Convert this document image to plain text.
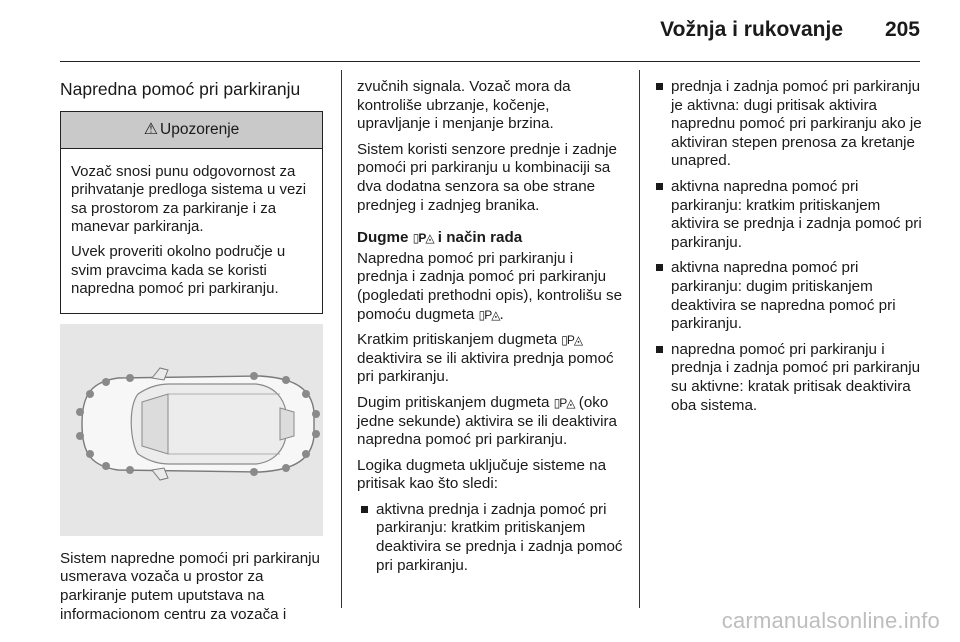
Vožnja i rukovanje 205
Napredna pomoć pri parkiranju
⚠ Upozorenje

Vozač snosi punu odgovornost za prihvatanje predloga sistema u vezi sa prostorom za parkiranje i za manevar parkiranja.

Uvek proveriti okolno područje u svim pravcima kada se koristi napredna pomoć pri parkiranju.

Sistem napredne pomoći pri parkiranju usmerava vozača u prostor za parkiranje putem uputstava na informacionom centru za vozača i

zvučnih signala. Vozač mora da kontroliše ubrzanje, kočenje, upravljanje i menjanje brzina.

Sistem koristi senzore prednje i zadnje pomoći pri parkiranju u kombinaciji sa dva dodatna senzora sa obe strane prednjeg i zadnjeg branika.

Dugme ▯P◬ i način rada

Napredna pomoć pri parkiranju i prednja i zadnja pomoć pri parkiranju (pogledati prethodni opis), kontrolišu se pomoću dugmeta ▯P◬.

Kratkim pritiskanjem dugmeta ▯P◬ deaktivira se ili aktivira prednja pomoć pri parkiranju.

Dugim pritiskanjem dugmeta ▯P◬ (oko jedne sekunde) aktivira se ili deaktivira napredna pomoć pri parkiranju.

Logika dugmeta uključuje sisteme na pritisak kao što sledi:

aktivna prednja i zadnja pomoć pri parkiranju: kratkim pritiskanjem deaktivira se prednja i zadnja pomoć pri parkiranju.
prednja i zadnja pomoć pri parkiranju je aktivna: dugi pritisak aktivira naprednu pomoć pri parkiranju ako je aktiviran stepen prenosa za kretanje unapred.
aktivna napredna pomoć pri parkiranju: kratkim pritiskanjem aktivira se prednja i zadnja pomoć pri parkiranju.
aktivna napredna pomoć pri parkiranju: dugim pritiskanjem deaktivira se napredna pomoć pri parkiranju.
napredna pomoć pri parkiranju i prednja i zadnja pomoć pri parkiranju su aktivne: kratak pritisak deaktivira oba sistema.
carmanualsonline.info
